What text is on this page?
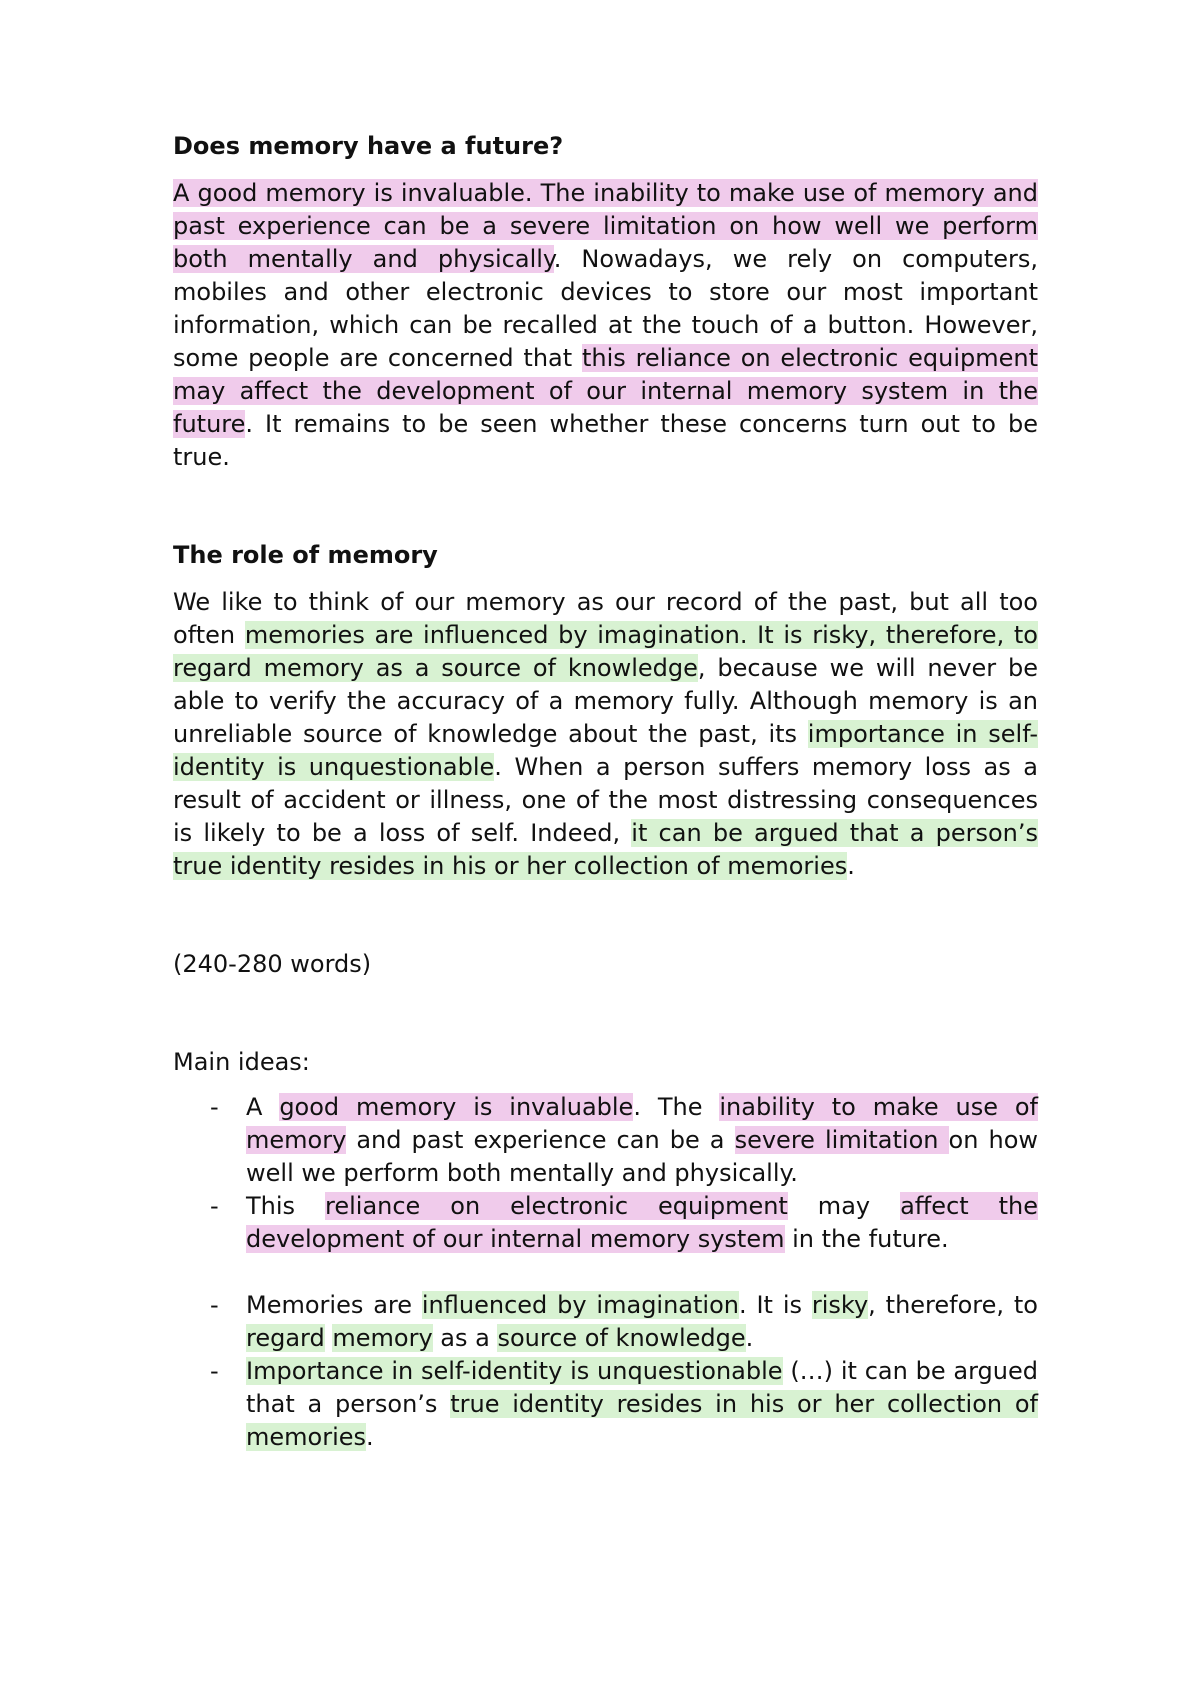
Does memory have a future?

A good memory is invaluable. The inability to make use of memory and past experience can be a severe limitation on how well we perform both mentally and physically. Nowadays, we rely on computers, mobiles and other electronic devices to store our most important information, which can be recalled at the touch of a button. However, some people are concerned that this reliance on electronic equipment may affect the development of our internal memory system in the future. It remains to be seen whether these concerns turn out to be true.

The role of memory

We like to think of our memory as our record of the past, but all too often memories are influenced by imagination. It is risky, therefore, to regard memory as a source of knowledge, because we will never be able to verify the accuracy of a memory fully. Although memory is an unreliable source of knowledge about the past, its importance in self-identity is unquestionable. When a person suffers memory loss as a result of accident or illness, one of the most distressing consequences is likely to be a loss of self. Indeed, it can be argued that a person’s true identity resides in his or her collection of memories.

(240-280 words)

Main ideas:

- A good memory is invaluable. The inability to make use of memory and past experience can be a severe limitation on how well we perform both mentally and physically.
- This reliance on electronic equipment may affect the development of our internal memory system in the future.
- Memories are influenced by imagination. It is risky, therefore, to regard memory as a source of knowledge.
- Importance in self-identity is unquestionable (…) it can be argued that a person’s true identity resides in his or her collection of memories.
